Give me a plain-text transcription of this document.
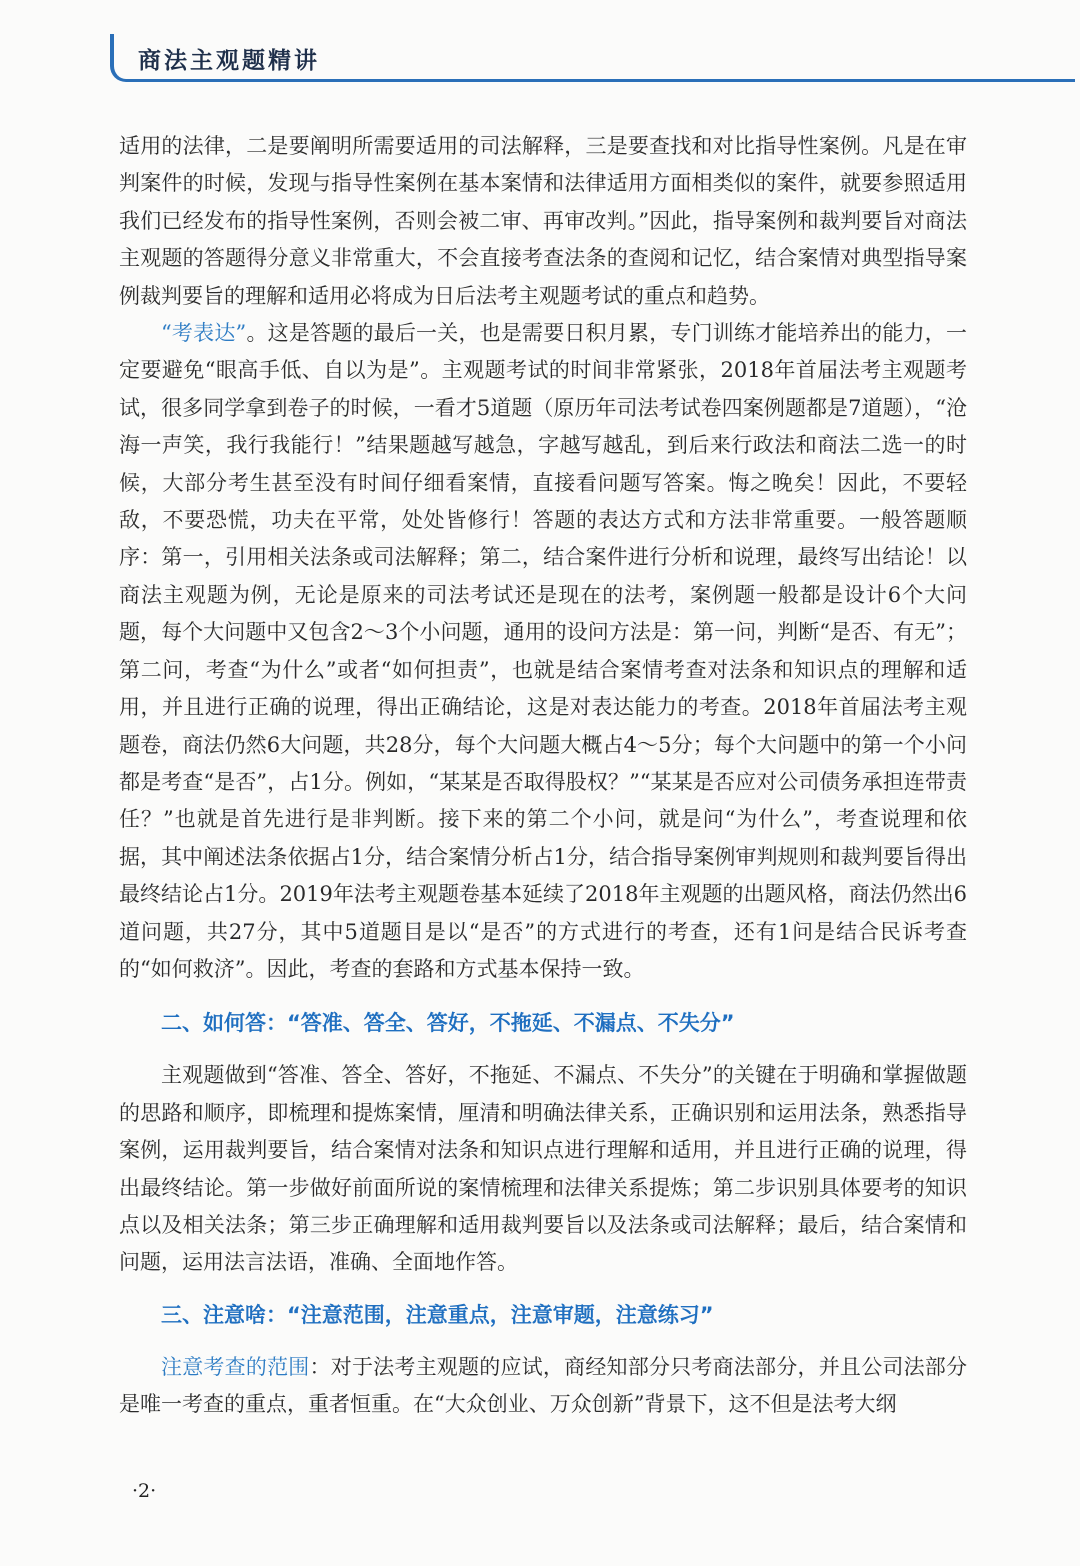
商法主观题精讲

适用的法律，二是要阐明所需要适用的司法解释，三是要查找和对比指导性案例。凡是在审判案件的时候，发现与指导性案例在基本案情和法律适用方面相类似的案件，就要参照适用我们已经发布的指导性案例，否则会被二审、再审改判。”因此，指导案例和裁判要旨对商法主观题的答题得分意义非常重大，不会直接考查法条的查阅和记忆，结合案情对典型指导案例裁判要旨的理解和适用必将成为日后法考主观题考试的重点和趋势。

“考表达”。这是答题的最后一关，也是需要日积月累，专门训练才能培养出的能力，一定要避免“眼高手低、自以为是”。主观题考试的时间非常紧张，2018年首届法考主观题考试，很多同学拿到卷子的时候，一看才5道题（原历年司法考试卷四案例题都是7道题），“沧海一声笑，我行我能行！”结果题越写越急，字越写越乱，到后来行政法和商法二选一的时候，大部分考生甚至没有时间仔细看案情，直接看问题写答案。悔之晚矣！因此，不要轻敌，不要恐慌，功夫在平常，处处皆修行！答题的表达方式和方法非常重要。一般答题顺序：第一，引用相关法条或司法解释；第二，结合案件进行分析和说理，最终写出结论！以商法主观题为例，无论是原来的司法考试还是现在的法考，案例题一般都是设计6个大问题，每个大问题中又包含2～3个小问题，通用的设问方法是：第一问，判断“是否、有无”；第二问，考查“为什么”或者“如何担责”，也就是结合案情考查对法条和知识点的理解和适用，并且进行正确的说理，得出正确结论，这是对表达能力的考查。2018年首届法考主观题卷，商法仍然6大问题，共28分，每个大问题大概占4～5分；每个大问题中的第一个小问都是考查“是否”，占1分。例如，“某某是否取得股权？”“某某是否应对公司债务承担连带责任？”也就是首先进行是非判断。接下来的第二个小问，就是问“为什么”，考查说理和依据，其中阐述法条依据占1分，结合案情分析占1分，结合指导案例审判规则和裁判要旨得出最终结论占1分。2019年法考主观题卷基本延续了2018年主观题的出题风格，商法仍然出6道问题，共27分，其中5道题目是以“是否”的方式进行的考查，还有1问是结合民诉考查的“如何救济”。因此，考查的套路和方式基本保持一致。

二、如何答：“答准、答全、答好，不拖延、不漏点、不失分”

主观题做到“答准、答全、答好，不拖延、不漏点、不失分”的关键在于明确和掌握做题的思路和顺序，即梳理和提炼案情，厘清和明确法律关系，正确识别和运用法条，熟悉指导案例，运用裁判要旨，结合案情对法条和知识点进行理解和适用，并且进行正确的说理，得出最终结论。第一步做好前面所说的案情梳理和法律关系提炼；第二步识别具体要考的知识点以及相关法条；第三步正确理解和适用裁判要旨以及法条或司法解释；最后，结合案情和问题，运用法言法语，准确、全面地作答。

三、注意啥：“注意范围，注意重点，注意审题，注意练习”

注意考查的范围：对于法考主观题的应试，商经知部分只考商法部分，并且公司法部分是唯一考查的重点，重者恒重。在“大众创业、万众创新”背景下，这不但是法考大纲

·2·
